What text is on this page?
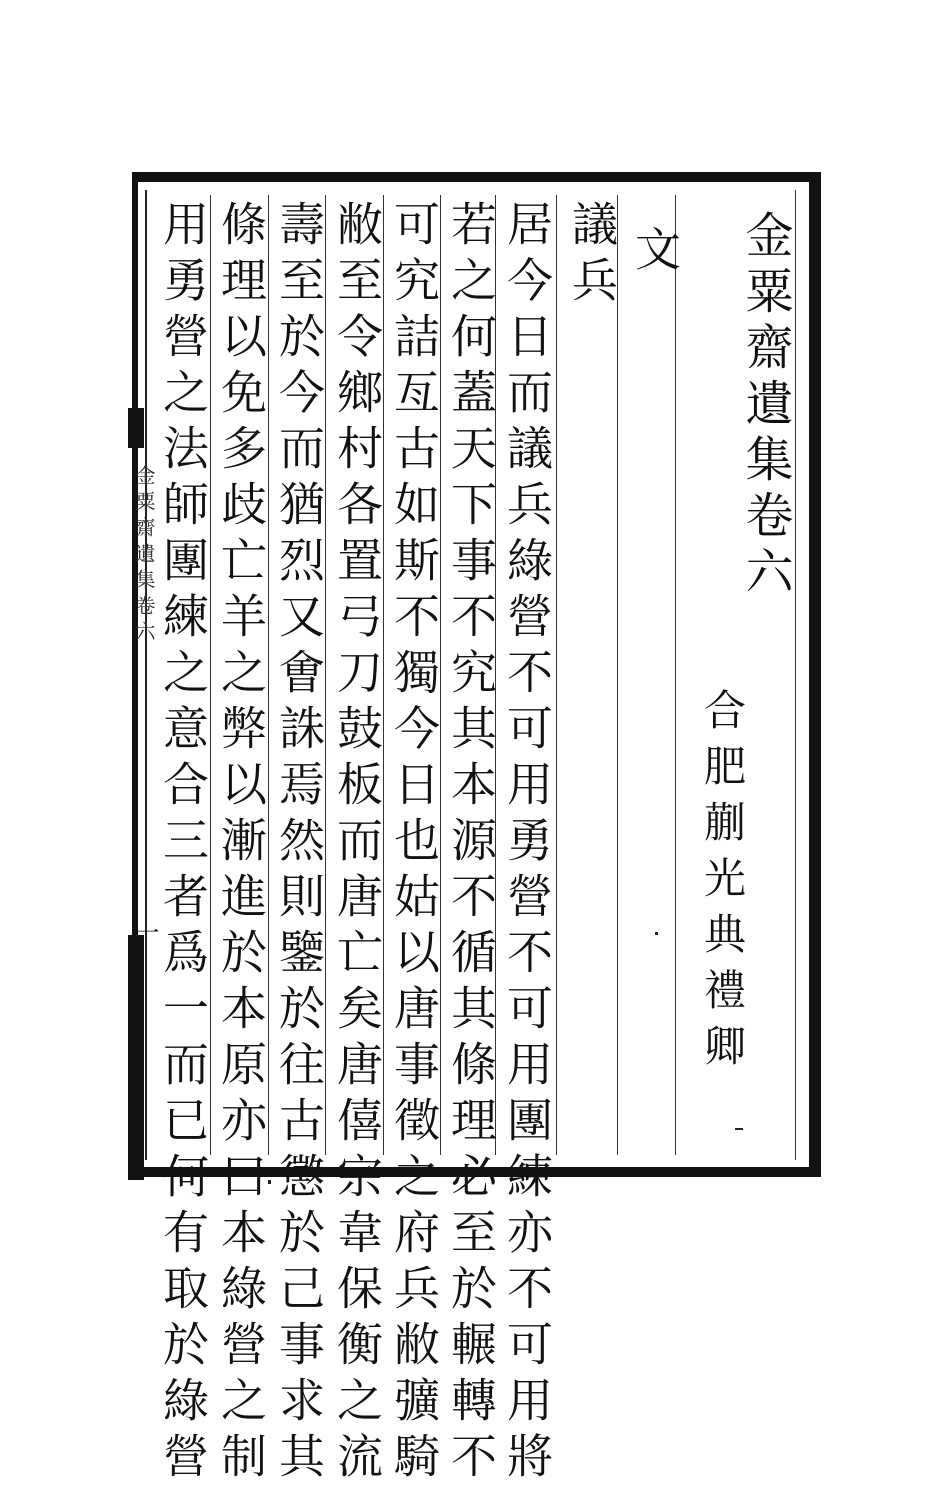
金粟齋遺集卷六
合肥蒯光典禮卿
文
議兵
居今日而議兵綠營不可用勇營不可用團練亦不可用將
若之何蓋天下事不究其本源不循其條理必至於輾轉不
可究詰亙古如斯不獨今日也姑以唐事徵之府兵敝彍騎
敝至令鄉村各置弓刀鼓板而唐亡矣唐僖宗韋保衡之流
壽至於今而猶烈又㑹誅焉然則鑒於往古懲於己事求其
條理以免多歧亡羊之弊以漸進於本原亦曰本綠營之制
用勇營之法師團練之意合三者爲一而已何有取於綠營
金粟齋遺集卷六
一
